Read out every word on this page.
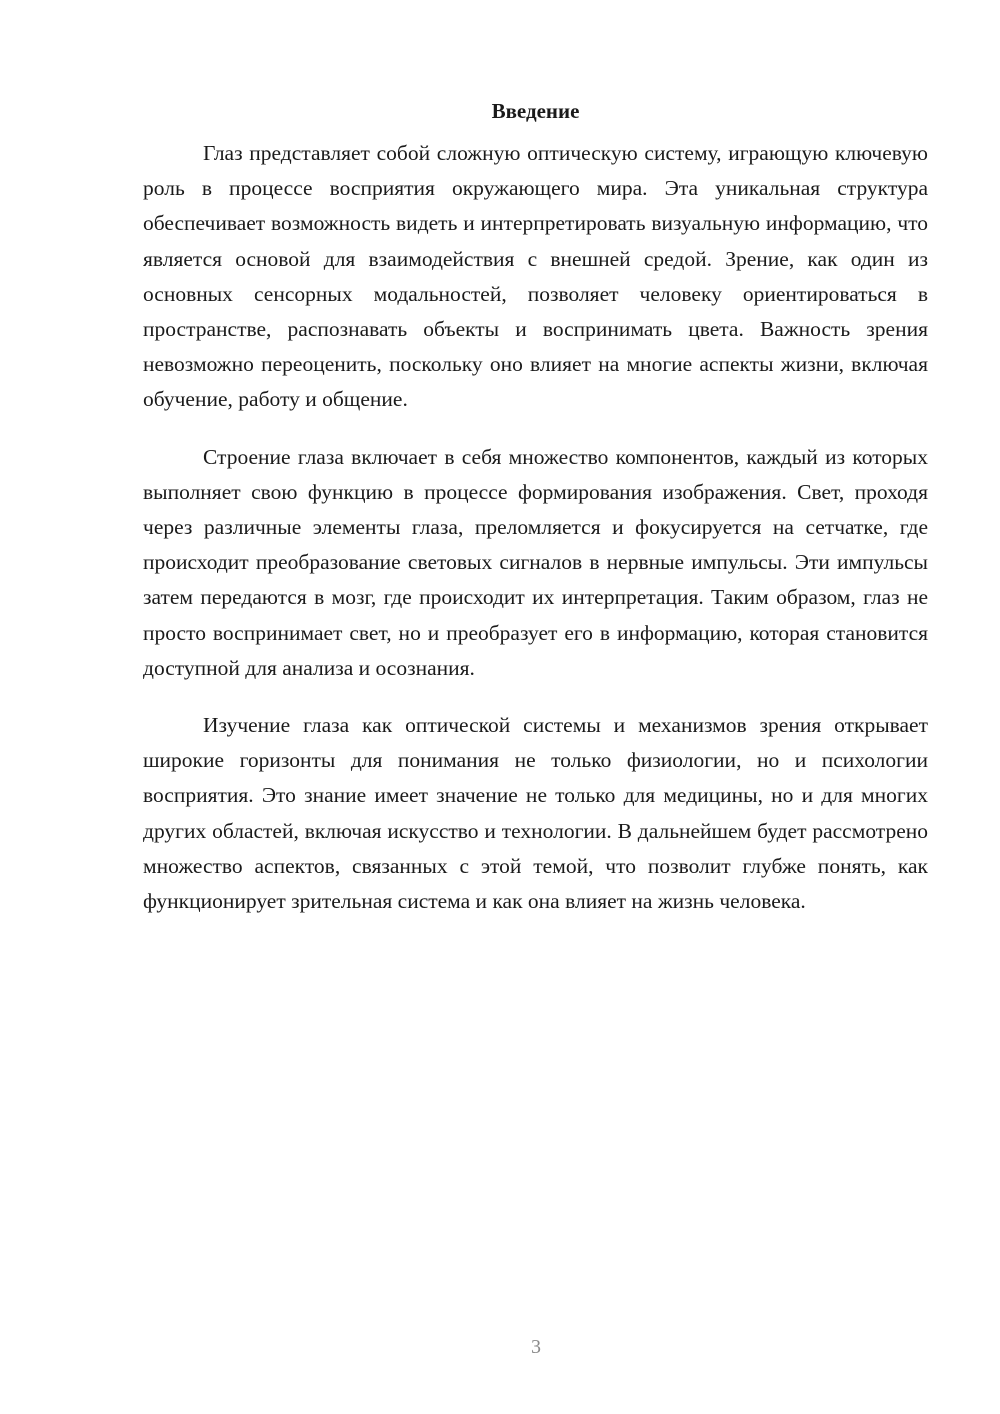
Введение

Глаз представляет собой сложную оптическую систему, играющую ключевую роль в процессе восприятия окружающего мира. Эта уникальная структура обеспечивает возможность видеть и интерпретировать визуальную информацию, что является основой для взаимодействия с внешней средой. Зрение, как один из основных сенсорных модальностей, позволяет человеку ориентироваться в пространстве, распознавать объекты и воспринимать цвета. Важность зрения невозможно переоценить, поскольку оно влияет на многие аспекты жизни, включая обучение, работу и общение.

Строение глаза включает в себя множество компонентов, каждый из которых выполняет свою функцию в процессе формирования изображения. Свет, проходя через различные элементы глаза, преломляется и фокусируется на сетчатке, где происходит преобразование световых сигналов в нервные импульсы. Эти импульсы затем передаются в мозг, где происходит их интерпретация. Таким образом, глаз не просто воспринимает свет, но и преобразует его в информацию, которая становится доступной для анализа и осознания.

Изучение глаза как оптической системы и механизмов зрения открывает широкие горизонты для понимания не только физиологии, но и психологии восприятия. Это знание имеет значение не только для медицины, но и для многих других областей, включая искусство и технологии. В дальнейшем будет рассмотрено множество аспектов, связанных с этой темой, что позволит глубже понять, как функционирует зрительная система и как она влияет на жизнь человека.

3
